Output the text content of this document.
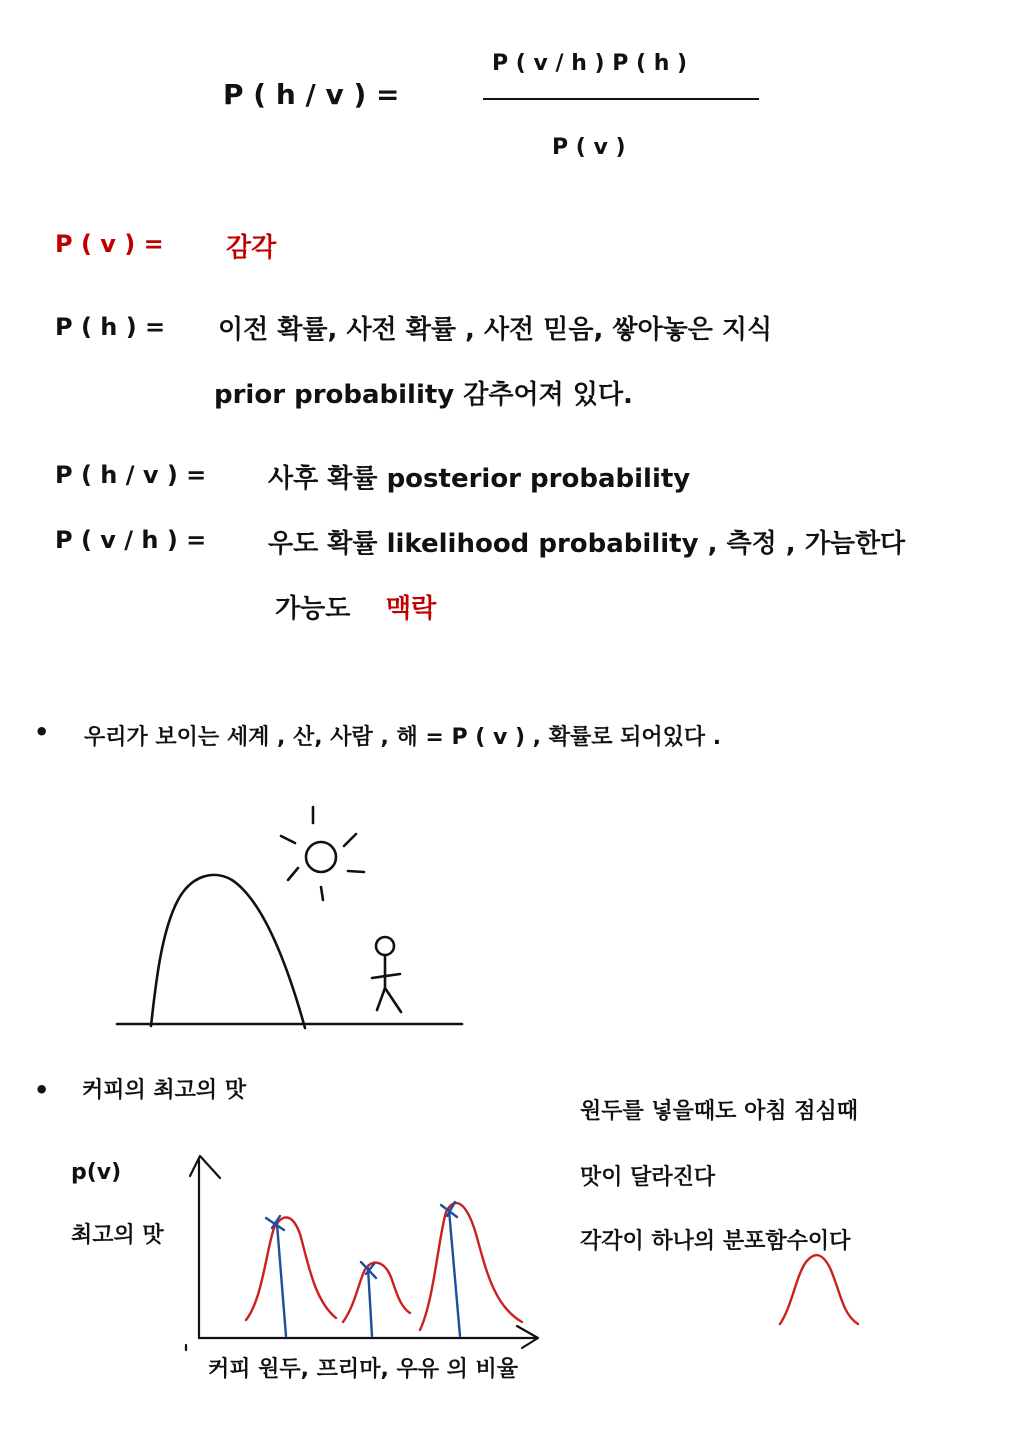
P ( h / v ) =
P ( v / h ) P ( h )
P ( v )
P ( v ) = 감각
P ( h ) = 이전 확률, 사전 확률 , 사전 믿음, 쌓아놓은 지식
prior probability 감추어져 있다.
P ( h / v ) = 사후 확률 posterior probability
P ( v / h ) = 우도 확률 likelihood probability , 측정 , 가늠한다
가능도 맥락
• 우리가 보이는 세계 , 산, 사람 , 해 = P ( v ) , 확률로 되어있다 .
• 커피의 최고의 맛
p(v)
최고의 맛
커피 원두, 프리마, 우유 의 비율
원두를 넣을때도 아침 점심때
맛이 달라진다
각각이 하나의 분포함수이다
